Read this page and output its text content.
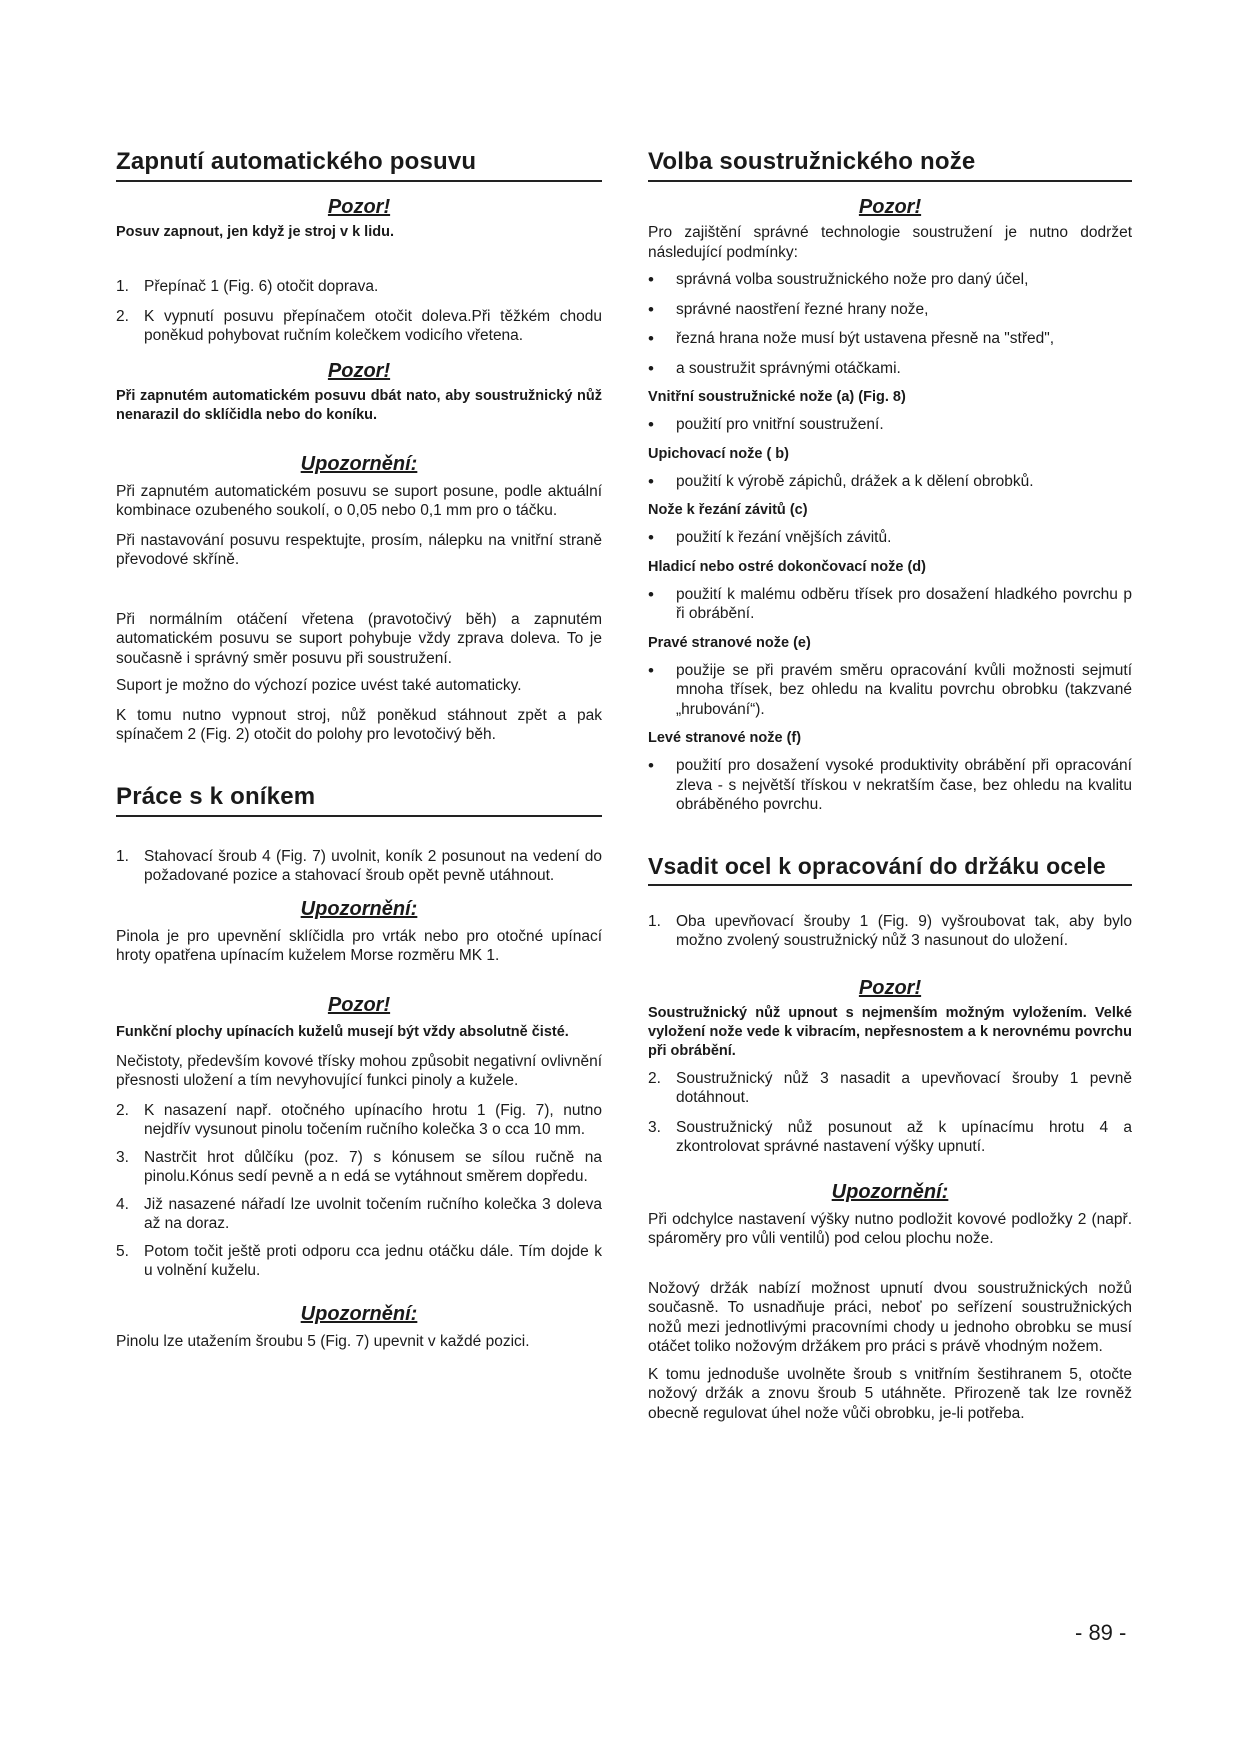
Zapnutí automatického posuvu
Pozor!

Posuv zapnout, jen když je stroj v k lidu.

1. Přepínač 1 (Fig. 6) otočit doprava.
2. K vypnutí posuvu přepínačem otočit doleva.Při těžkém chodu poněkud pohybovat ručním kolečkem vodicího vřetena.
Pozor!

Při zapnutém automatickém posuvu dbát nato, aby soustružnický nůž nenarazil do sklíčidla nebo do koníku.

Upozornění:

Při zapnutém automatickém posuvu se suport posune, podle aktuální kombinace ozubeného soukolí, o 0,05 nebo 0,1 mm pro o táčku.

Při nastavování posuvu respektujte, prosím, nálepku na vnitřní straně převodové skříně.

Při normálním otáčení vřetena (pravotočivý běh) a zapnutém automatickém posuvu se suport pohybuje vždy zprava doleva. To je současně i správný směr posuvu při soustružení.

Suport je možno do výchozí pozice uvést také automaticky.

K tomu nutno vypnout stroj, nůž poněkud stáhnout zpět a pak spínačem 2 (Fig. 2) otočit do polohy pro levotočivý běh.

Práce s k oníkem
1. Stahovací šroub 4 (Fig. 7) uvolnit, koník 2 posunout na vedení do požadované pozice a stahovací šroub opět pevně utáhnout.
Upozornění:

Pinola je pro upevnění sklíčidla pro vrták nebo pro otočné upínací hroty opatřena upínacím kuželem Morse rozměru MK 1.

Pozor!

Funkční plochy upínacích kuželů musejí být vždy absolutně čisté.

Nečistoty, především kovové třísky mohou způsobit negativní ovlivnění přesnosti uložení a tím nevyhovující funkci pinoly a kužele.

2. K nasazení např. otočného upínacího hrotu 1 (Fig. 7), nutno nejdřív vysunout pinolu točením ručního kolečka 3 o cca 10 mm.
3. Nastrčit hrot důlčíku (poz. 7) s kónusem se sílou ručně na pinolu.Kónus sedí pevně a n edá se vytáhnout směrem dopředu.
4. Již nasazené nářadí lze uvolnit točením ručního kolečka 3 doleva až na doraz.
5. Potom točit ještě proti odporu cca jednu otáčku dále. Tím dojde k u volnění kuželu.
Upozornění:

Pinolu lze utažením šroubu 5 (Fig. 7) upevnit v každé pozici.

Volba soustružnického nože
Pozor!

Pro zajištění správné technologie soustružení je nutno dodržet následující podmínky:

•	správná volba soustružnického nože pro daný účel,
•	správné naostření řezné hrany nože,
•	řezná hrana nože musí být ustavena přesně na "střed",
•	a soustružit správnými otáčkami.

Vnitřní soustružnické nože (a) (Fig. 8)

•	použití pro vnitřní soustružení.

Upichovací nože ( b)

•	použití k výrobě zápichů, drážek a k dělení obrobků.

Nože k řezání závitů (c)

•	použití k řezání vnějších závitů.

Hladicí nebo ostré dokončovací nože (d)

•	použití k malému odběru třísek pro dosažení hladkého povrchu p ři obrábění.

Pravé stranové nože (e)

•	použije se při pravém směru opracování kvůli možnosti sejmutí mnoha třísek, bez ohledu na kvalitu povrchu obrobku (takzvané „hrubování“).

Levé stranové nože (f)

•	použití pro dosažení vysoké produktivity obrábění při opracování zleva - s největší třískou v nekratším čase, bez ohledu na kvalitu obráběného povrchu.
Vsadit ocel k opracování do držáku ocele
1. Oba upevňovací šrouby 1 (Fig. 9) vyšroubovat tak, aby bylo možno zvolený soustružnický nůž 3 nasunout do uložení.
Pozor!

Soustružnický nůž upnout s nejmenším možným vyložením. Velké vyložení nože vede k vibracím, nepřesnostem a k nerovnému povrchu při obrábění.

2. Soustružnický nůž 3 nasadit a upevňovací šrouby 1 pevně dotáhnout.
3. Soustružnický nůž posunout až k upínacímu hrotu 4 a zkontrolovat správné nastavení výšky upnutí.
Upozornění:

Při odchylce nastavení výšky nutno podložit kovové podložky 2 (např. spároměry pro vůli ventilů) pod celou plochu nože.

Nožový držák nabízí možnost upnutí dvou soustružnických nožů současně. To usnadňuje práci, neboť po seřízení soustružnických nožů mezi jednotlivými pracovními chody u jednoho obrobku se musí otáčet toliko nožovým držákem pro práci s právě vhodným nožem.

K tomu jednoduše uvolněte šroub s vnitřním šestihranem 5, otočte nožový držák a znovu šroub 5 utáhněte. Přirozeně tak lze rovněž obecně regulovat úhel nože vůči obrobku, je-li potřeba.

- 89 -
